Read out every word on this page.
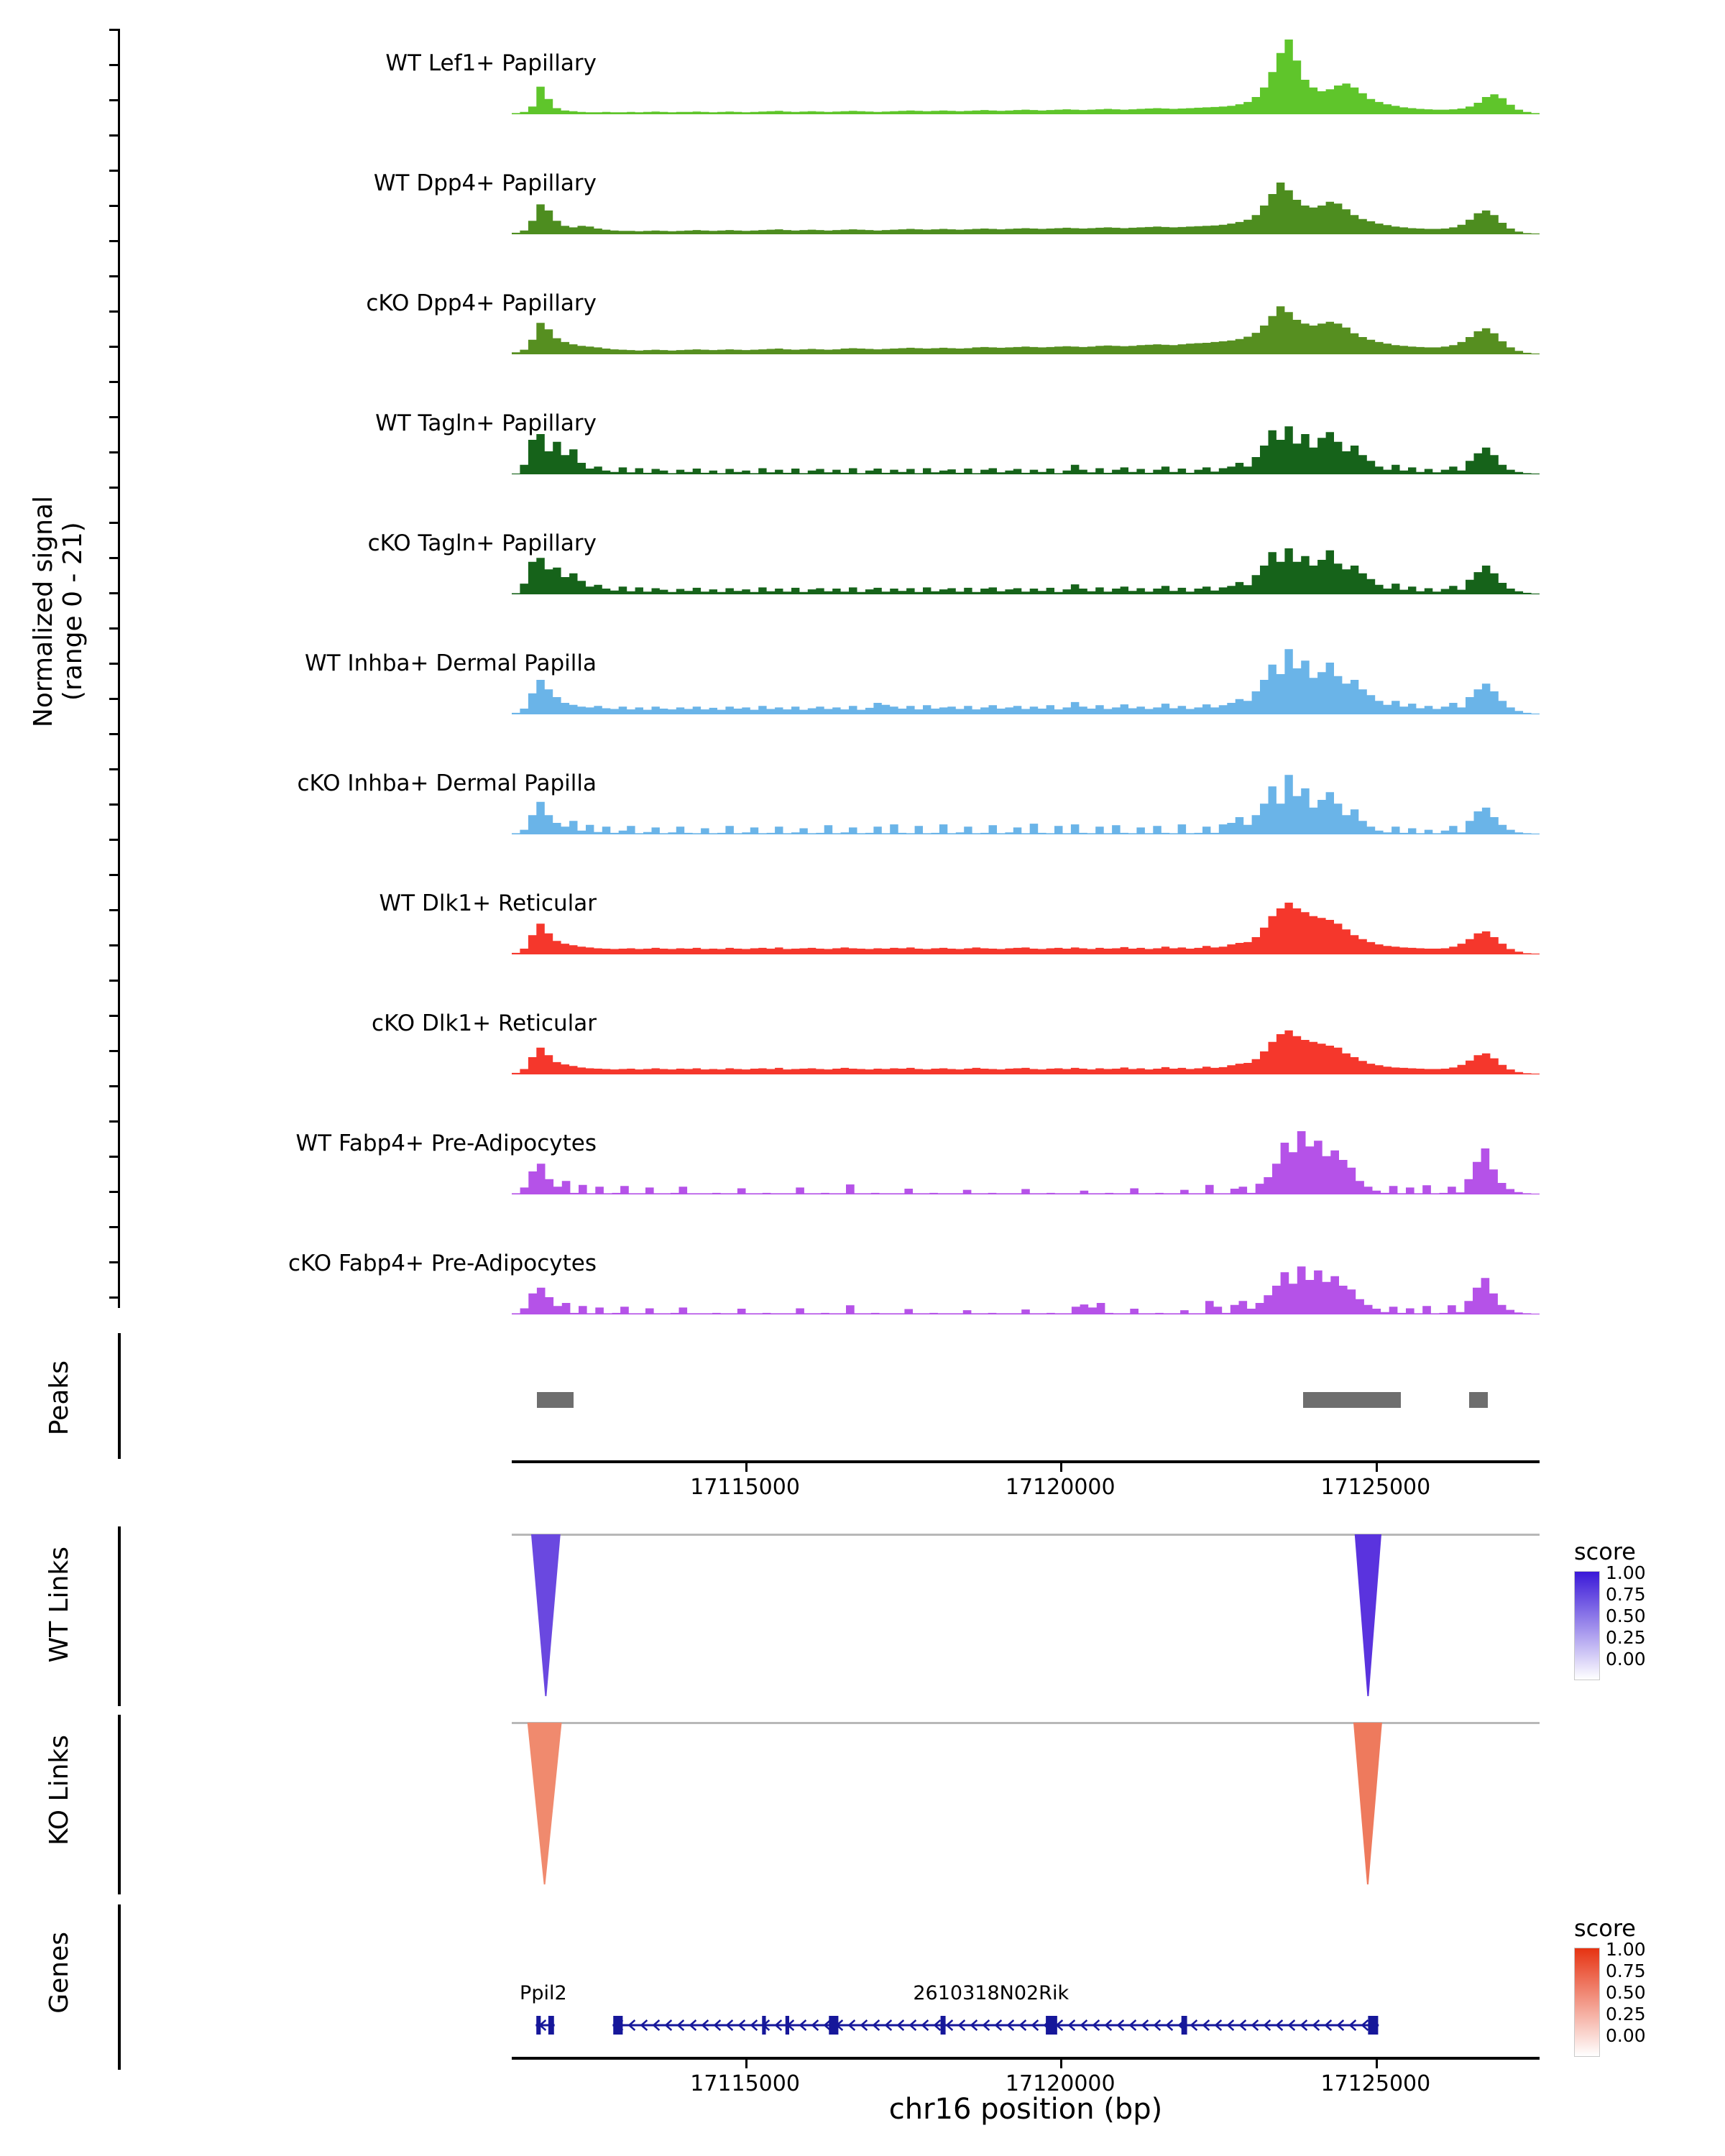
Normalized signal
(range 0 - 21)
WT Lef1+ Papillary
WT Dpp4+ Papillary
cKO Dpp4+ Papillary
WT Tagln+ Papillary
cKO Tagln+ Papillary
WT Inhba+ Dermal Papilla
cKO Inhba+ Dermal Papilla
WT Dlk1+ Reticular
cKO Dlk1+ Reticular
WT Fabp4+ Pre-Adipocytes
cKO Fabp4+ Pre-Adipocytes
Peaks
17115000	17120000	17125000
WT Links	score
1.00
0.75
0.50
0.25
0.00
KO Links
score
1.00
0.75
0.50
0.25
0.00
Genes	Ppil2	2610318N02Rik
17115000	17120000	17125000
chr16 position (bp)
